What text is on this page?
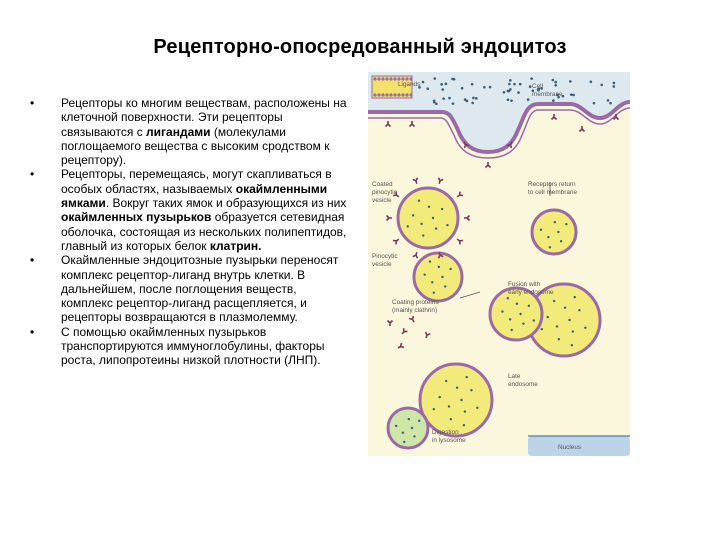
Рецепторно-опосредованный эндоцитоз
• Рецепторы ко многим веществам, расположены на клеточной поверхности. Эти рецепторы связываются с лигандами (молекулами поглощаемого вещества с высоким сродством к рецептору).
• Рецепторы, перемещаясь, могут скапливаться в особых областях, называемых окаймленными ямками. Вокруг таких ямок и образующихся из них окаймленных пузырьков образуется сетевидная оболочка, состоящая из нескольких полипептидов, главный из которых белок клатрин.
• Окаймленные эндоцитозные пузырьки переносят комплекс рецептор-лиганд внутрь клетки. В дальнейшем, после поглощения веществ, комплекс рецептор-лиганд расщепляется, и рецепторы возвращаются в плазмолемму.
• С помощью окаймленных пузырьков транспортируются иммуноглобулины, факторы роста, липопротеины низкой плотности (ЛНП).
Ligands	Cell
membrane
Coated
pinocytic
vesicle
Receptors return
to cell membrane
Pinocytic
vesicle
Fusion with
early endosome
Coating proteins
(mainly clathrin)
Late
endosome
Digestion
in lysosome
Nucleus
